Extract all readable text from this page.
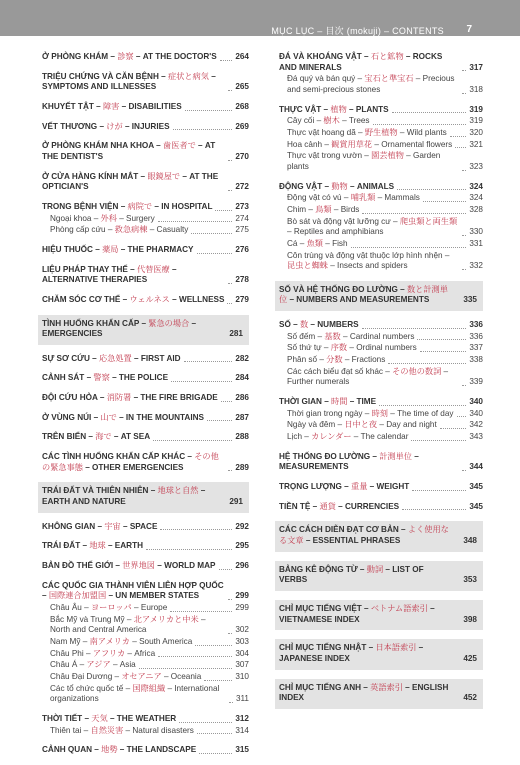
MỤC LỤC – 目次 (mokuji) – CONTENTS 7
Ở PHÒNG KHÁM – 診察 – AT THE DOCTOR'S 264
TRIỆU CHỨNG VÀ CĂN BỆNH – 症状と病気 – SYMPTOMS AND ILLNESSES	265
KHUYẾT TẬT – 障害 – DISABILITIES	268
VẾT THƯƠNG – けが – INJURIES	269
Ở PHÒNG KHÁM NHA KHOA – 歯医者で – AT THE DENTIST'S	270
Ở CỬA HÀNG KÍNH MẮT – 眼鏡屋で – AT THE OPTICIAN'S	272
TRONG BỆNH VIỆN – 病院で – IN HOSPITAL	273
Ngoại khoa – 外科 – Surgery	274
Phòng cấp cứu – 救急病棟 – Casualty	275
HIỆU THUỐC – 薬局 – THE PHARMACY	276
LIỆU PHÁP THAY THẾ – 代替医療 – ALTERNATIVE THERAPIES	278
CHĂM SÓC CƠ THỂ – ウェルネス – WELLNESS 279
TÌNH HUỐNG KHẨN CẤP – 緊急の場合 – EMERGENCIES	281
SỰ SƠ CỨU – 応急処置 – FIRST AID	282
CẢNH SÁT – 警察 – THE POLICE	284
ĐỘI CỨU HỎA – 消防署 – THE FIRE BRIGADE 286
Ở VÙNG NÚI – 山で – IN THE MOUNTAINS	287
TRÊN BIỂN – 海で – AT SEA	288
CÁC TÌNH HUỐNG KHẨN CẤP KHÁC – その他の緊急事態 – OTHER EMERGENCIES	289
TRÁI ĐẤT VÀ THIÊN NHIÊN – 地球と自然 – EARTH AND NATURE	291
KHÔNG GIAN – 宇宙 – SPACE	292
TRÁI ĐẤT – 地球 – EARTH	295
BẢN ĐỒ THẾ GIỚI – 世界地図 – WORLD MAP 296
CÁC QUỐC GIA THÀNH VIÊN LIÊN HỢP QUỐC – 国際連合加盟国 – UN MEMBER STATES	299
Châu Âu – ヨーロッパ – Europe	299
Bắc Mỹ và Trung Mỹ – 北アメリカと中米 – North and Central America	302
Nam Mỹ – 南アメリカ – South America	303
Châu Phi – アフリカ – Africa	304
Châu Á – アジア – Asia	307
Châu Đại Dương – オセアニア – Oceania	310
Các tổ chức quốc tế – 国際組織 – International organizations	311
THỜI TIẾT – 天気 – THE WEATHER	312
Thiên tai – 自然災害 – Natural disasters	314
CẢNH QUAN – 地勢 – THE LANDSCAPE	315
ĐÁ VÀ KHOÁNG VẬT – 石と鉱物 – ROCKS AND MINERALS	317
Đá quý và bán quý – 宝石と準宝石 – Precious and semi-precious stones	318
THỰC VẬT – 植物 – PLANTS	319
Cây cối – 樹木 – Trees	319
Thực vật hoang dã – 野生植物 – Wild plants	320
Hoa cảnh – 観賞用草花 – Ornamental flowers 321
Thực vật trong vườn – 園芸植物 – Garden plants	323
ĐỘNG VẬT – 動物 – ANIMALS	324
Động vật có vú – 哺乳類 – Mammals	324
Chim – 鳥類 – Birds	328
Bò sát và động vật lưỡng cư – 爬虫類と両生類 – Reptiles and amphibians	330
Cá – 魚類 – Fish	331
Côn trùng và động vật thuộc lớp hình nhện – 昆虫と蜘蛛 – Insects and spiders	332
SỐ VÀ HỆ THỐNG ĐO LƯỜNG – 数と計測単位 – NUMBERS AND MEASUREMENTS	335
SỐ – 数 – NUMBERS	336
Số đếm – 基数 – Cardinal numbers	336
Số thứ tự – 序数 – Ordinal numbers	337
Phân số – 分数 – Fractions	338
Các cách biểu đạt số khác – その他の数詞 – Further numerals	339
THỜI GIAN – 時間 – TIME	340
Thời gian trong ngày – 時刻 – The time of day 340
Ngày và đêm – 日中と夜 – Day and night	342
Lịch – カレンダー – The calendar	343
HỆ THỐNG ĐO LƯỜNG – 計測単位 – MEASUREMENTS	344
TRỌNG LƯỢNG – 重量 – WEIGHT	345
TIỀN TỆ – 通貨 – CURRENCIES	345
CÁC CÁCH DIỄN ĐẠT CƠ BẢN – よく使用なる文章 – ESSENTIAL PHRASES	348
BẢNG KÊ ĐỘNG TỪ – 動詞 – LIST OF VERBS	353
CHỈ MỤC TIẾNG VIỆT – ベトナム語索引 – VIETNAMESE INDEX	398
CHỈ MỤC TIẾNG NHẬT – 日本語索引 – JAPANESE INDEX	425
CHỈ MỤC TIẾNG ANH – 英語索引 – ENGLISH INDEX	452
